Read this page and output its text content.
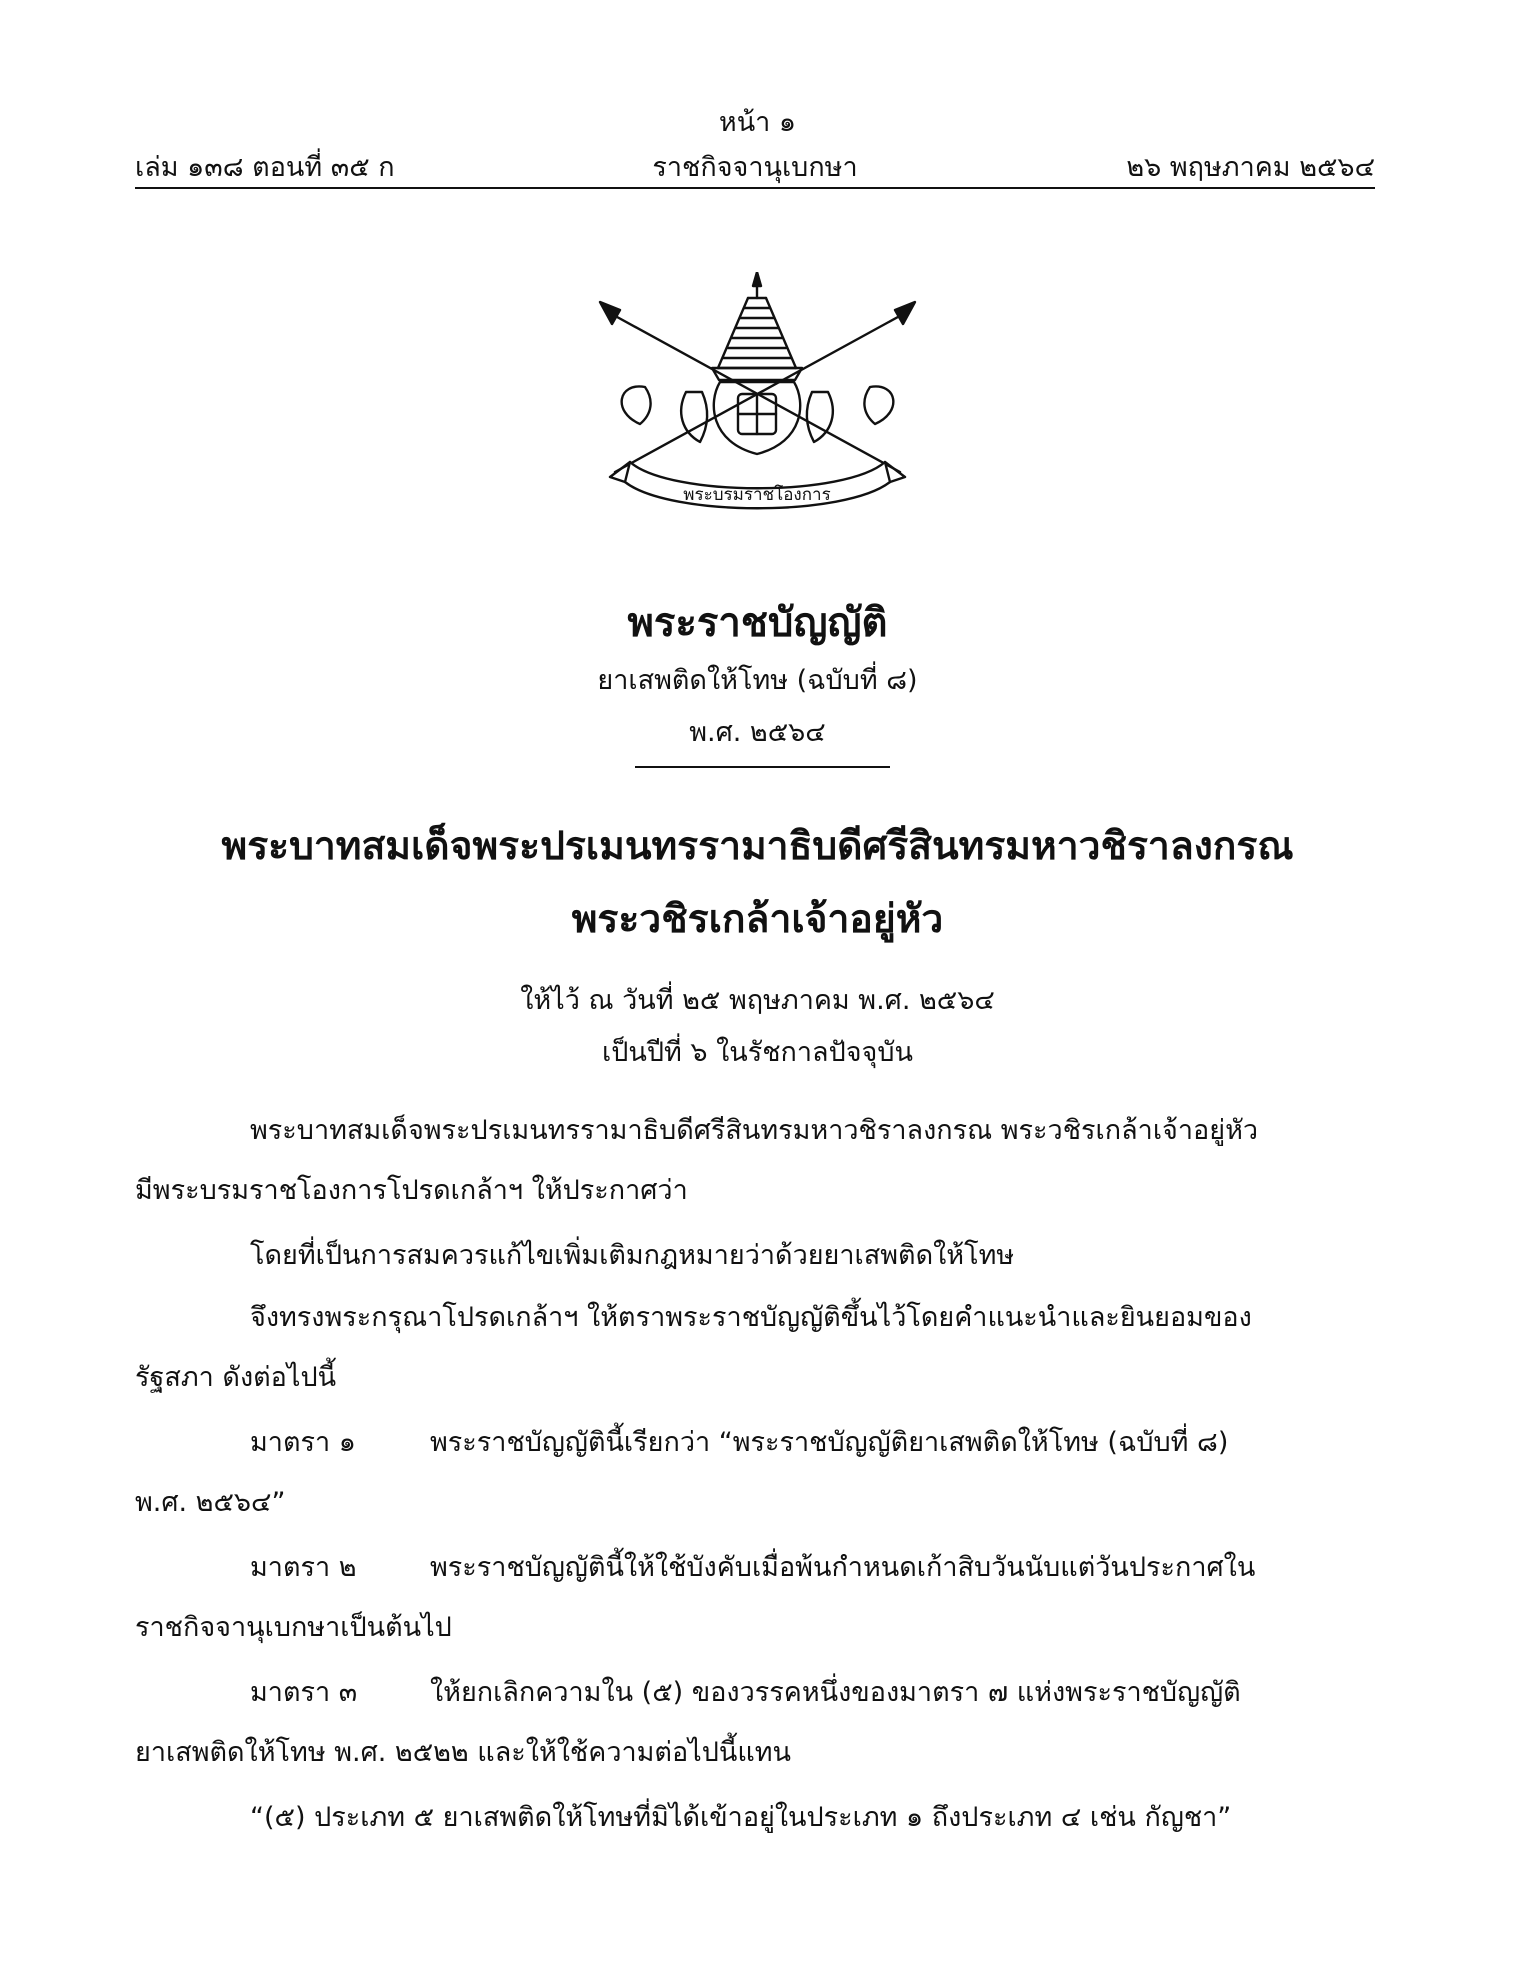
หน้า ๑
ราชกิจจานุเบกษา
เล่ม ๑๓๘ ตอนที่ ๓๕ ก	๒๖ พฤษภาคม ๒๕๖๔
พระบรมราชโองการ
พระราชบัญญัติ
ยาเสพติดให้โทษ (ฉบับที่ ๘)
พ.ศ. ๒๕๖๔
พระบาทสมเด็จพระปรเมนทรรามาธิบดีศรีสินทรมหาวชิราลงกรณ
พระวชิรเกล้าเจ้าอยู่หัว
ให้ไว้ ณ วันที่ ๒๕ พฤษภาคม พ.ศ. ๒๕๖๔
เป็นปีที่ ๖ ในรัชกาลปัจจุบัน
พระบาทสมเด็จพระปรเมนทรรามาธิบดีศรีสินทรมหาวชิราลงกรณ พระวชิรเกล้าเจ้าอยู่หัว
มีพระบรมราชโองการโปรดเกล้าฯ ให้ประกาศว่า
โดยที่เป็นการสมควรแก้ไขเพิ่มเติมกฎหมายว่าด้วยยาเสพติดให้โทษ
จึงทรงพระกรุณาโปรดเกล้าฯ ให้ตราพระราชบัญญัติขึ้นไว้โดยคำแนะนำและยินยอมของ
รัฐสภา ดังต่อไปนี้
มาตรา ๑	พระราชบัญญัตินี้เรียกว่า “พระราชบัญญัติยาเสพติดให้โทษ (ฉบับที่ ๘)
พ.ศ. ๒๕๖๔”
มาตรา ๒	พระราชบัญญัตินี้ให้ใช้บังคับเมื่อพ้นกำหนดเก้าสิบวันนับแต่วันประกาศใน
ราชกิจจานุเบกษาเป็นต้นไป
มาตรา ๓	ให้ยกเลิกความใน (๕) ของวรรคหนึ่งของมาตรา ๗ แห่งพระราชบัญญัติ
ยาเสพติดให้โทษ พ.ศ. ๒๕๒๒ และให้ใช้ความต่อไปนี้แทน
“(๕) ประเภท ๕ ยาเสพติดให้โทษที่มิได้เข้าอยู่ในประเภท ๑ ถึงประเภท ๔ เช่น กัญชา”
